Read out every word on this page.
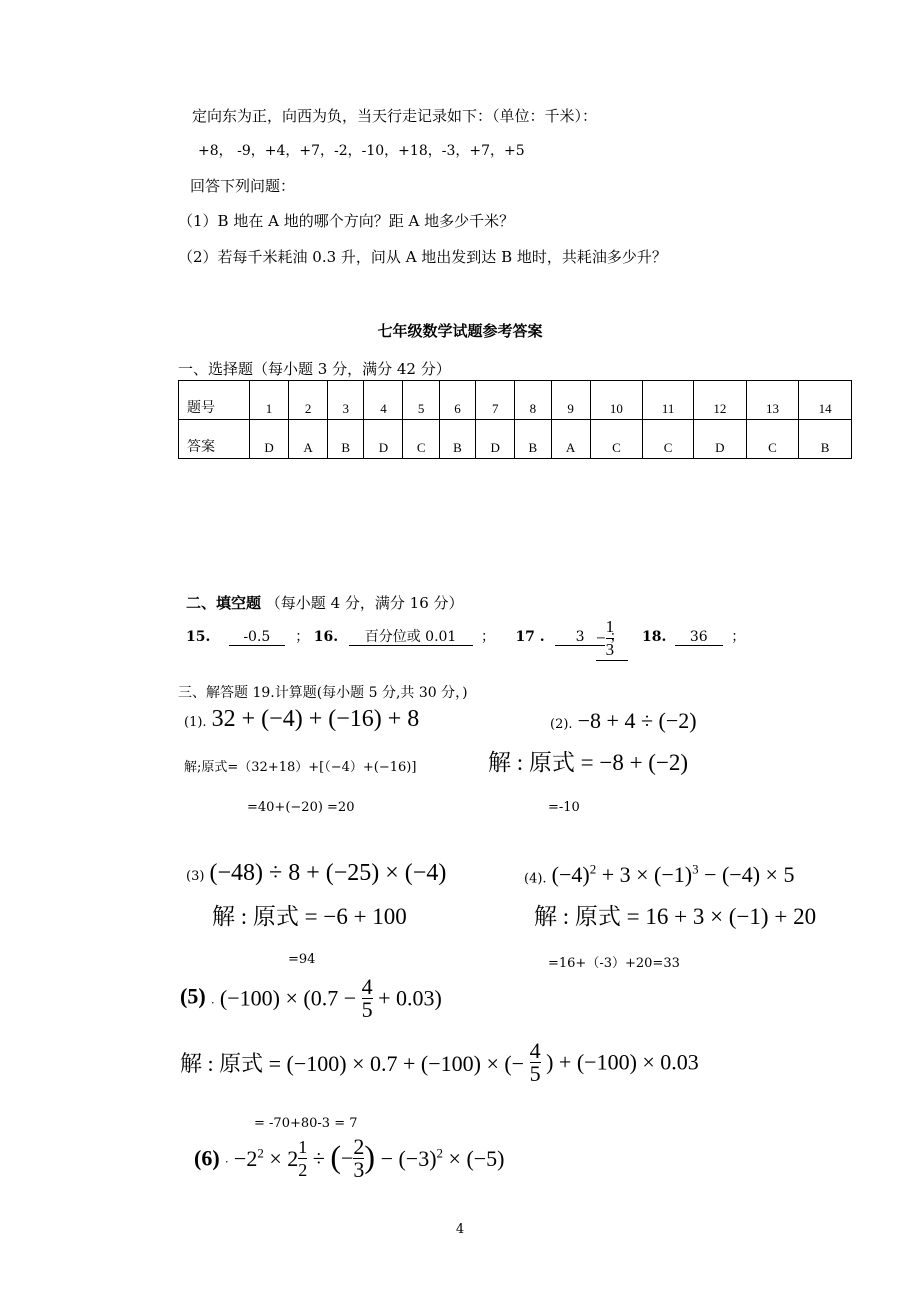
定向东为正，向西为负，当天行走记录如下：（单位：千米）：
+8， -9，+4，+7，-2，-10，+18，-3，+7，+5
回答下列问题：
（1）B 地在 A 地的哪个方向？距 A 地多少千米？
（2）若每千米耗油 0.3 升，问从 A 地出发到达 B 地时，共耗油多少升？
七年级数学试题参考答案
一、选择题（每小题 3 分，满分 42 分）
题号	1	2	3	4	5	6	7	8	9	10	11	12	13	14
答案	D	A	B	D	C	B	D	B	A	C	C	D	C	B
二、填空题 （每小题 4 分，满分 16 分）
15. -0.5 ； 16. 百分位或 0.01 ； 17 . 3 ；
− $\frac{1}{3} 18$. 36 ；
三、解答题 19.计算题(每小题 5 分,共 30 分，)
(1). 32 + (−4) + (−16) + 8
解;原式=（32+18）+[（−4）+(−16)]
=40+(−20) =20
(2). −8 + 4 ÷ (−2)
解 : 原式 = −8 + (−2)
=-10
(3) (−48) ÷ 8 + (−25) × (−4)
解 : 原式 = −6 + 100
=94
(4). $(-4)^2 + 3 \times (-1)^3 - (-4) \times 5$
解 : 原式 = 16 + 3 × (−1) + 20
=16+（-3）+20=33
(5) . $(-100) \times (0.7 - \frac{4}{5} + 0.03)$
解 : 原式 = (−100) × 0.7 + (−100) × (− $\frac{4}{5}$ ) + (−100) × 0.03
= -70+80-3 = 7
(6) . $-2^2 \times 2 \frac{1}{2}$ ÷ (− $\frac{2}{3}$ ) − $(-3)^2 \times (-5)$
4
